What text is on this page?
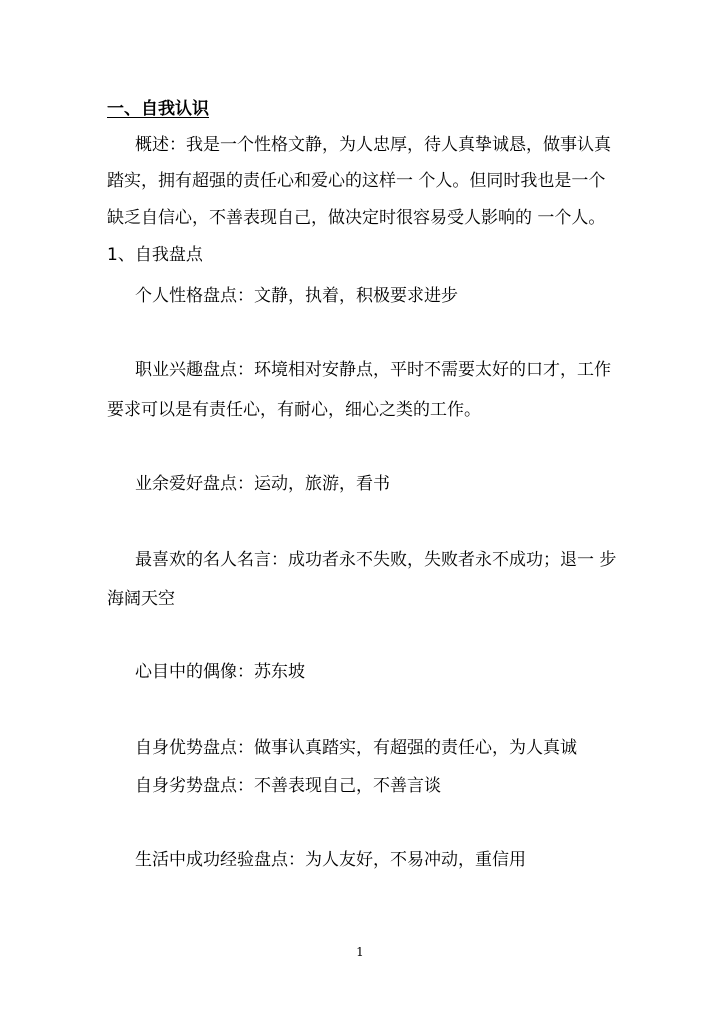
一、自我认识
概述：我是一个性格文静，为人忠厚，待人真挚诚恳，做事认真
踏实，拥有超强的责任心和爱心的这样一 个人。但同时我也是一个
缺乏自信心，不善表现自己，做决定时很容易受人影响的 一个人。
1、自我盘点
个人性格盘点：文静，执着，积极要求进步
职业兴趣盘点：环境相对安静点，平时不需要太好的口才，工作
要求可以是有责任心，有耐心，细心之类的工作。
业余爱好盘点：运动，旅游，看书
最喜欢的名人名言：成功者永不失败，失败者永不成功；退一 步
海阔天空
心目中的偶像：苏东坡
自身优势盘点：做事认真踏实，有超强的责任心，为人真诚
自身劣势盘点：不善表现自己，不善言谈
生活中成功经验盘点：为人友好，不易冲动，重信用
1
